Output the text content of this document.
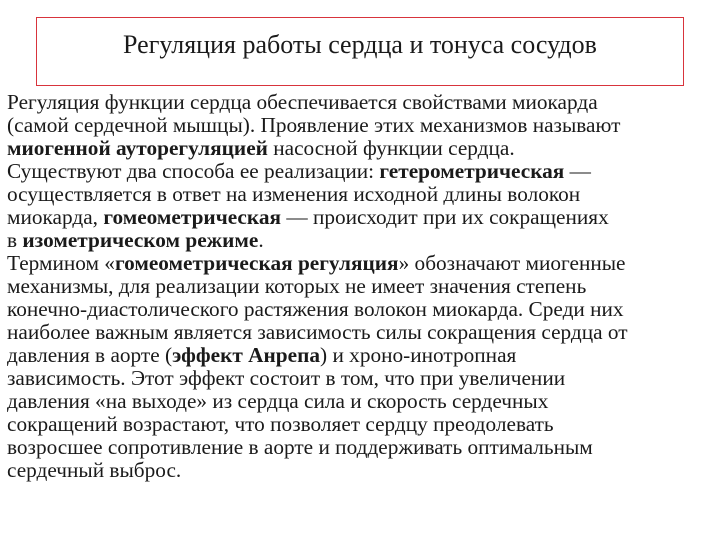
Регуляция работы сердца и тонуса сосудов
Регуляция функции сердца обеспечивается свойствами миокарда
(самой сердечной мышцы). Проявление этих механизмов называют
миогенной ауторегуляцией насосной функции сердца.
Существуют два способа ее реализации: гетерометрическая —
осуществляется в ответ на изменения исходной длины волокон
миокарда, гомеометрическая — происходит при их сокращениях
в изометрическом режиме.
Термином «гомеометрическая регуляция» обозначают миогенные
механизмы, для реализации которых не имеет значения степень
конечно-диастолического растяжения волокон миокарда. Среди них
наиболее важным является зависимость силы сокращения сердца от
давления в аорте (эффект Анрепа) и хроно-инотропная
зависимость. Этот эффект состоит в том, что при увеличении
давления «на выходе» из сердца сила и скорость сердечных
сокращений возрастают, что позволяет сердцу преодолевать
возросшее сопротивление в аорте и поддерживать оптимальным
сердечный выброс.
